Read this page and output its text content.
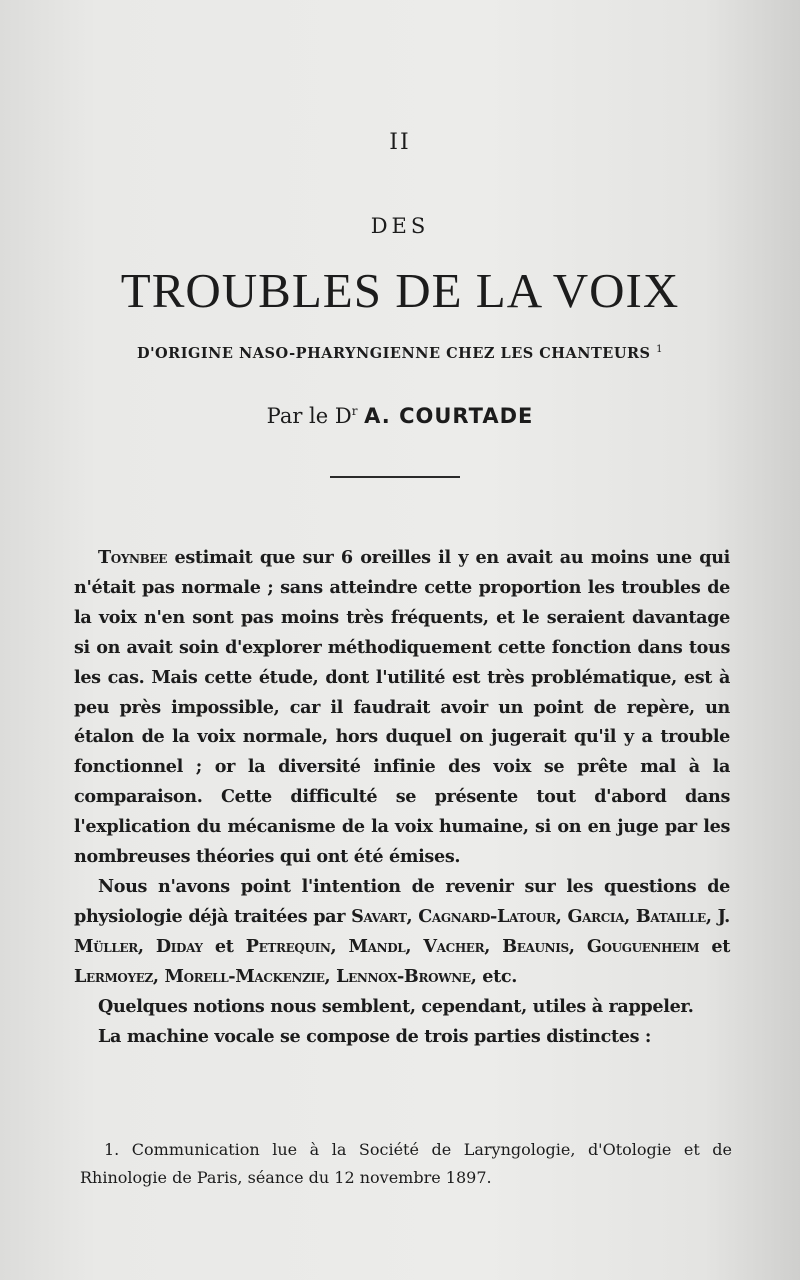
II
DES
TROUBLES DE LA VOIX
D'ORIGINE NASO-PHARYNGIENNE CHEZ LES CHANTEURS $^1$
Par le $D^r$ A. COURTADE

Toynbee estimait que sur 6 oreilles il y en avait au moins une qui n'était pas normale ; sans atteindre cette proportion les troubles de la voix n'en sont pas moins très fréquents, et le seraient davantage si on avait soin d'explorer méthodiquement cette fonction dans tous les cas. Mais cette étude, dont l'utilité est très problématique, est à peu près impossible, car il faudrait avoir un point de repère, un étalon de la voix normale, hors duquel on jugerait qu'il y a trouble fonctionnel ; or la diversité infinie des voix se prête mal à la comparaison. Cette difficulté se présente tout d'abord dans l'explication du mécanisme de la voix humaine, si on en juge par les nombreuses théories qui ont été émises.

Nous n'avons point l'intention de revenir sur les questions de physiologie déjà traitées par Savart, Cagnard-Latour, Garcia, Bataille, J. Müller, Diday et Petrequin, Mandl, Vacher, Beaunis, Gouguenheim et Lermoyez, Morell-Mackenzie, Lennox-Browne, etc.

Quelques notions nous semblent, cependant, utiles à rappeler.

La machine vocale se compose de trois parties distinctes :

1. Communication lue à la Société de Laryngologie, d'Otologie et de Rhinologie de Paris, séance du 12 novembre 1897.
